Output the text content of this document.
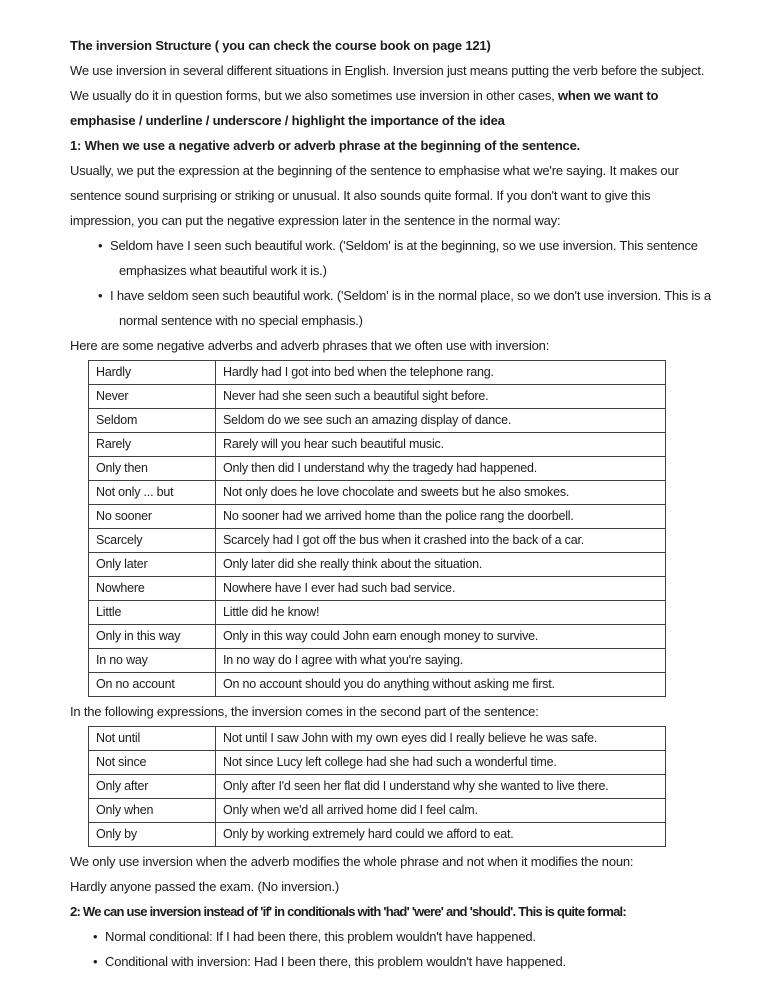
The inversion Structure ( you can check the course book on page 121)

We use inversion in several different situations in English. Inversion just means putting the verb before the subject. We usually do it in question forms, but we also sometimes use inversion in other cases, when we want to emphasise / underline / underscore / highlight the importance of the idea

1: When we use a negative adverb or adverb phrase at the beginning of the sentence.

Usually, we put the expression at the beginning of the sentence to emphasise what we're saying. It makes our sentence sound surprising or striking or unusual. It also sounds quite formal. If you don't want to give this impression, you can put the negative expression later in the sentence in the normal way:

• Seldom have I seen such beautiful work. ('Seldom' is at the beginning, so we use inversion. This sentence emphasizes what beautiful work it is.)
• I have seldom seen such beautiful work. ('Seldom' is in the normal place, so we don't use inversion. This is a normal sentence with no special emphasis.)

Here are some negative adverbs and adverb phrases that we often use with inversion:

Hardly	Hardly had I got into bed when the telephone rang.
Never	Never had she seen such a beautiful sight before.
Seldom	Seldom do we see such an amazing display of dance.
Rarely	Rarely will you hear such beautiful music.
Only then	Only then did I understand why the tragedy had happened.
Not only ... but	Not only does he love chocolate and sweets but he also smokes.
No sooner	No sooner had we arrived home than the police rang the doorbell.
Scarcely	Scarcely had I got off the bus when it crashed into the back of a car.
Only later	Only later did she really think about the situation.
Nowhere	Nowhere have I ever had such bad service.
Little	Little did he know!
Only in this way	Only in this way could John earn enough money to survive.
In no way	In no way do I agree with what you're saying.
On no account	On no account should you do anything without asking me first.

In the following expressions, the inversion comes in the second part of the sentence:

Not until	Not until I saw John with my own eyes did I really believe he was safe.
Not since	Not since Lucy left college had she had such a wonderful time.
Only after	Only after I'd seen her flat did I understand why she wanted to live there.
Only when	Only when we'd all arrived home did I feel calm.
Only by	Only by working extremely hard could we afford to eat.

We only use inversion when the adverb modifies the whole phrase and not when it modifies the noun:

Hardly anyone passed the exam. (No inversion.)

2: We can use inversion instead of 'if' in conditionals with 'had' 'were' and 'should'. This is quite formal:

• Normal conditional: If I had been there, this problem wouldn't have happened.
• Conditional with inversion: Had I been there, this problem wouldn't have happened.
